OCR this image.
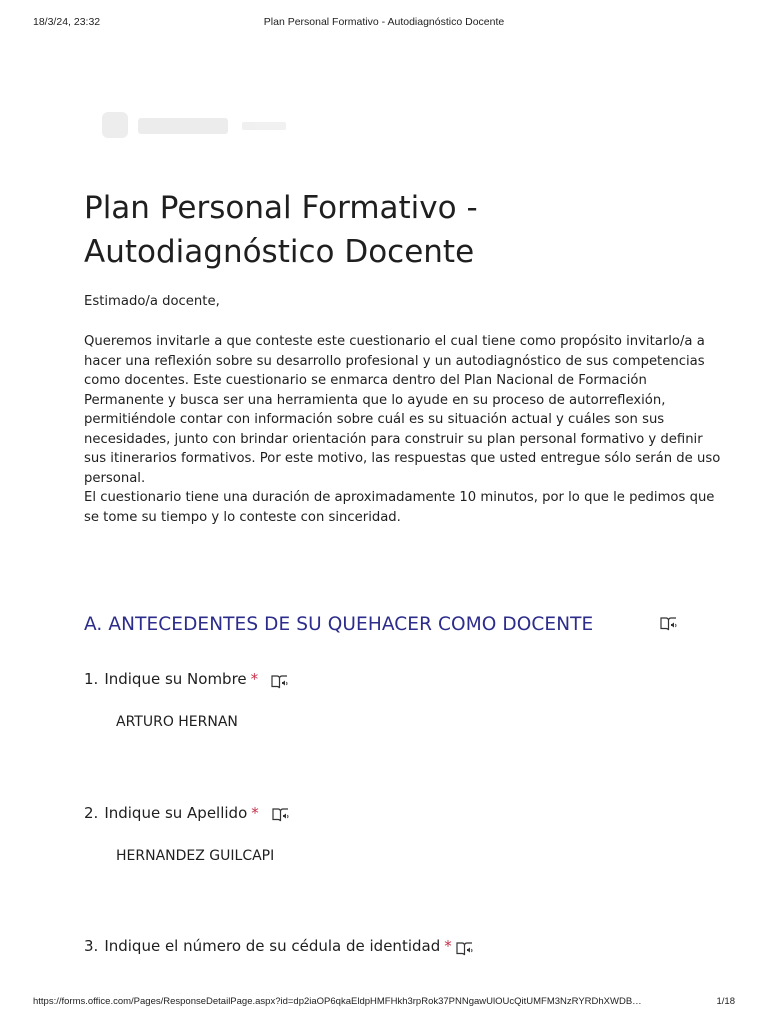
18/3/24, 23:32	Plan Personal Formativo - Autodiagnóstico Docente
Plan Personal Formativo - Autodiagnóstico Docente

Estimado/a docente,

Queremos invitarle a que conteste este cuestionario el cual tiene como propósito invitarlo/a a hacer una reflexión sobre su desarrollo profesional y un autodiagnóstico de sus competencias como docentes. Este cuestionario se enmarca dentro del Plan Nacional de Formación Permanente y busca ser una herramienta que lo ayude en su proceso de autorreflexión, permitiéndole contar con información sobre cuál es su situación actual y cuáles son sus necesidades, junto con brindar orientación para construir su plan personal formativo y definir sus itinerarios formativos. Por este motivo, las respuestas que usted entregue sólo serán de uso personal.

El cuestionario tiene una duración de aproximadamente 10 minutos, por lo que le pedimos que se tome su tiempo y lo conteste con sinceridad.

A. ANTECEDENTES DE SU QUEHACER COMO DOCENTE

1. Indique su Nombre *

ARTURO HERNAN

2. Indique su Apellido *

HERNANDEZ GUILCAPI

3. Indique el número de su cédula de identidad *

https://forms.office.com/Pages/ResponseDetailPage.aspx?id=dp2iaOP6qkaEldpHMFHkh3rpRok37PNNgawUlOUcQitUMFM3NzRYRDhXWDB…	1/18
